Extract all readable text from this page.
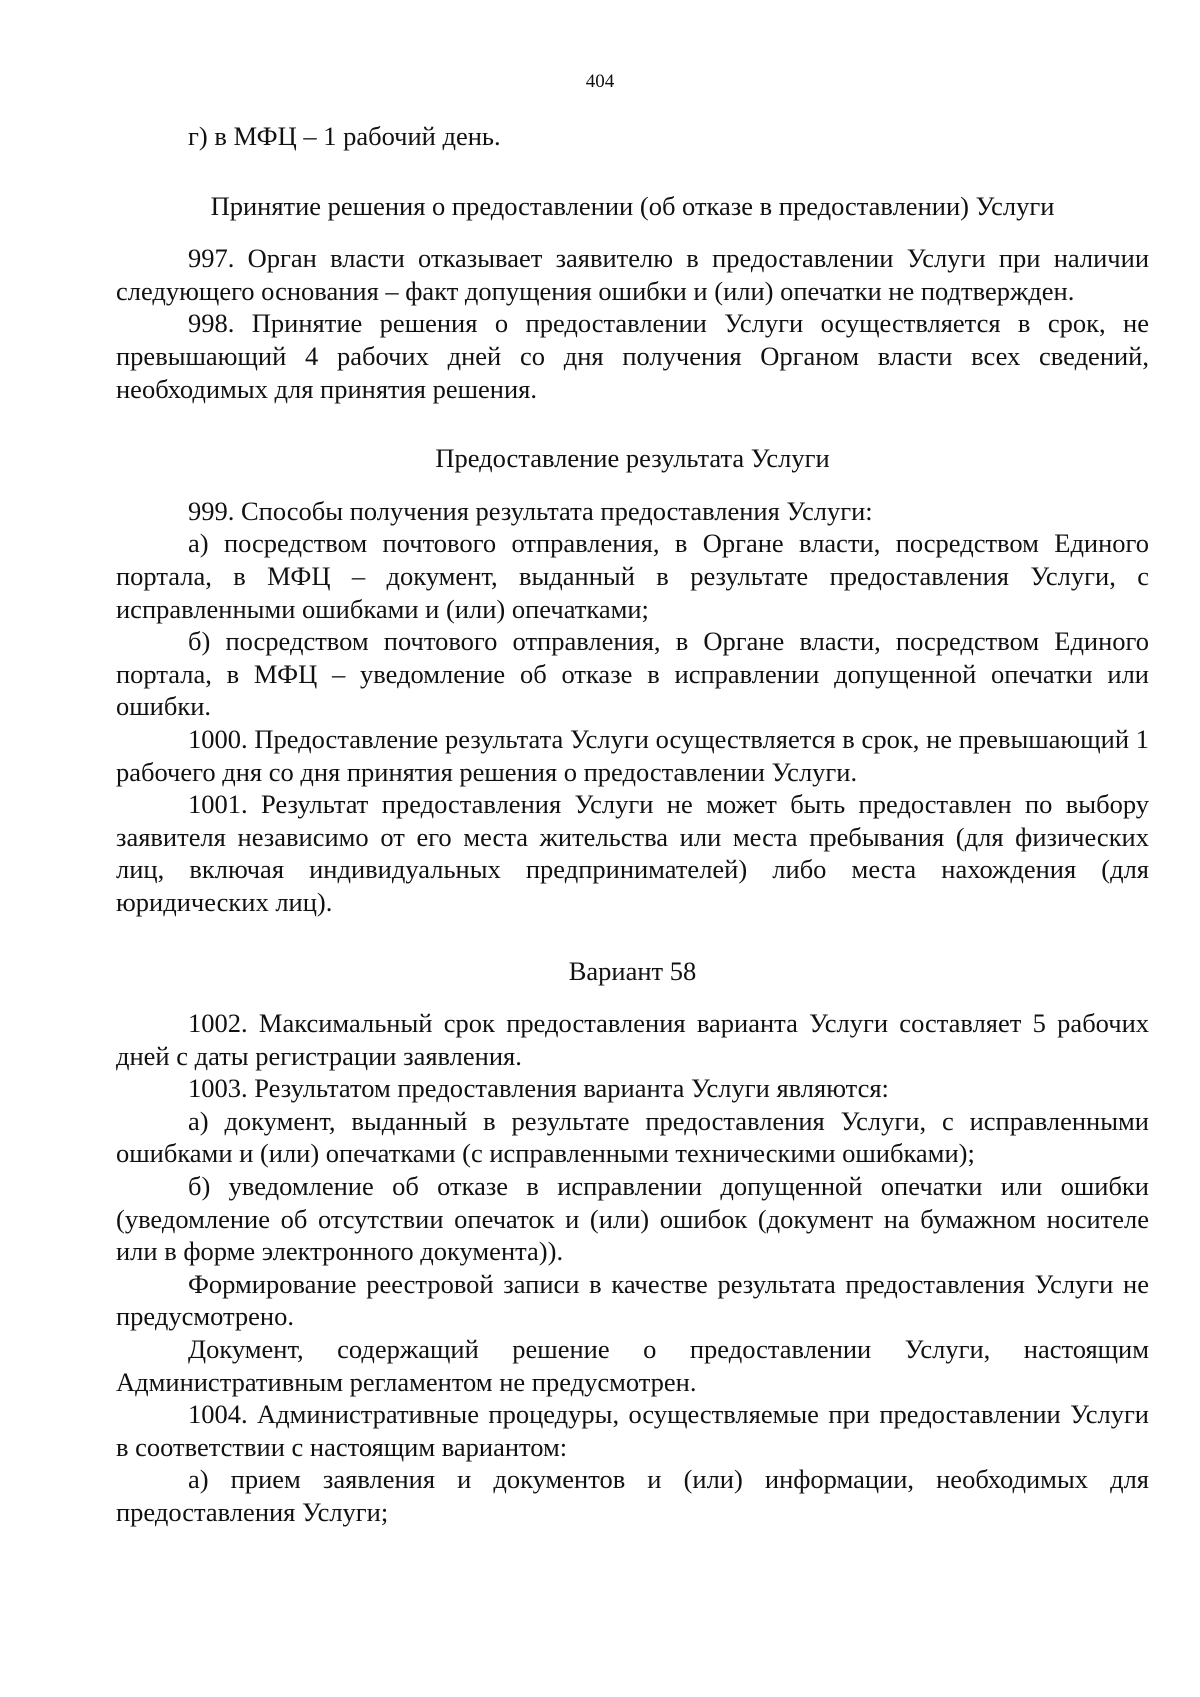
404

г) в МФЦ – 1 рабочий день.

Принятие решения о предоставлении (об отказе в предоставлении) Услуги

997. Орган власти отказывает заявителю в предоставлении Услуги при наличии следующего основания – факт допущения ошибки и (или) опечатки не подтвержден.

998. Принятие решения о предоставлении Услуги осуществляется в срок, не превышающий 4 рабочих дней со дня получения Органом власти всех сведений, необходимых для принятия решения.

Предоставление результата Услуги

999. Способы получения результата предоставления Услуги:

а) посредством почтового отправления, в Органе власти, посредством Единого портала, в МФЦ – документ, выданный в результате предоставления Услуги, с исправленными ошибками и (или) опечатками;

б) посредством почтового отправления, в Органе власти, посредством Единого портала, в МФЦ – уведомление об отказе в исправлении допущенной опечатки или ошибки.

1000. Предоставление результата Услуги осуществляется в срок, не превышающий 1 рабочего дня со дня принятия решения о предоставлении Услуги.

1001. Результат предоставления Услуги не может быть предоставлен по выбору заявителя независимо от его места жительства или места пребывания (для физических лиц, включая индивидуальных предпринимателей) либо места нахождения (для юридических лиц).

Вариант 58

1002. Максимальный срок предоставления варианта Услуги составляет 5 рабочих дней с даты регистрации заявления.

1003. Результатом предоставления варианта Услуги являются:

а) документ, выданный в результате предоставления Услуги, с исправленными ошибками и (или) опечатками (с исправленными техническими ошибками);

б) уведомление об отказе в исправлении допущенной опечатки или ошибки (уведомление об отсутствии опечаток и (или) ошибок (документ на бумажном носителе или в форме электронного документа)).

Формирование реестровой записи в качестве результата предоставления Услуги не предусмотрено.

Документ, содержащий решение о предоставлении Услуги, настоящим Административным регламентом не предусмотрен.

1004. Административные процедуры, осуществляемые при предоставлении Услуги в соответствии с настоящим вариантом:

а) прием заявления и документов и (или) информации, необходимых для предоставления Услуги;
